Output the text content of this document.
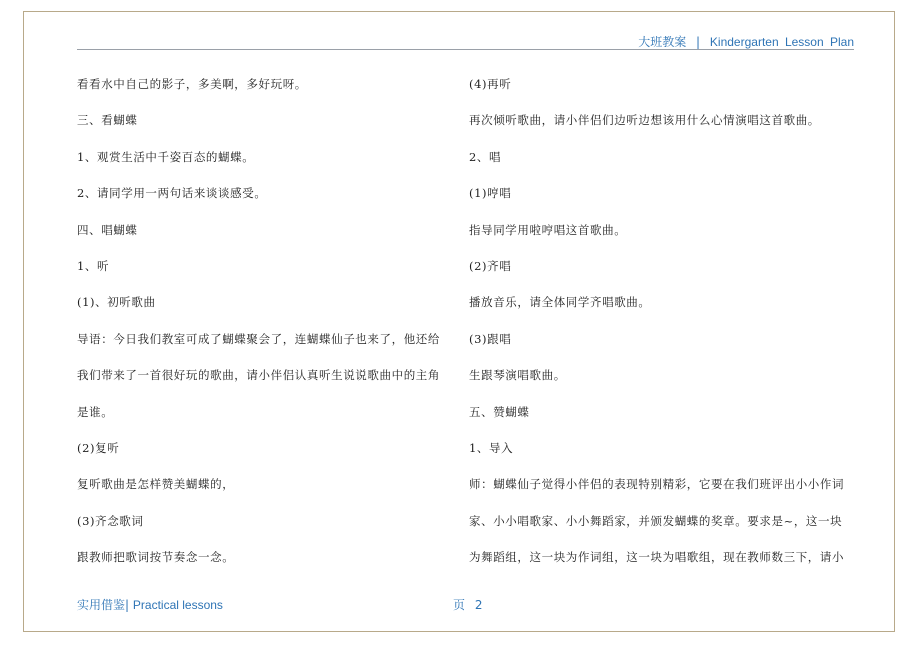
大班教案 | Kindergarten Lesson Plan
看看水中自己的影子，多美啊，多好玩呀。
三、看蝴蝶
1、观赏生活中千姿百态的蝴蝶。
2、请同学用一两句话来谈谈感受。
四、唱蝴蝶
1、听
(1)、初听歌曲
导语：今日我们教室可成了蝴蝶聚会了，连蝴蝶仙子也来了，他还给
我们带来了一首很好玩的歌曲，请小伴侣认真听生说说歌曲中的主角
是谁。
(2)复听
复听歌曲是怎样赞美蝴蝶的，
(3)齐念歌词
跟教师把歌词按节奏念一念。
(4)再听
再次倾听歌曲，请小伴侣们边听边想该用什么心情演唱这首歌曲。
2、唱
(1)哼唱
指导同学用啦哼唱这首歌曲。
(2)齐唱
播放音乐，请全体同学齐唱歌曲。
(3)跟唱
生跟琴演唱歌曲。
五、赞蝴蝶
1、导入
师：蝴蝶仙子觉得小伴侣的表现特别精彩，它要在我们班评出小小作词
家、小小唱歌家、小小舞蹈家，并颁发蝴蝶的奖章。要求是~，这一块
为舞蹈组，这一块为作词组，这一块为唱歌组，现在教师数三下，请小
实用借鉴| Practical lessons	页 2
